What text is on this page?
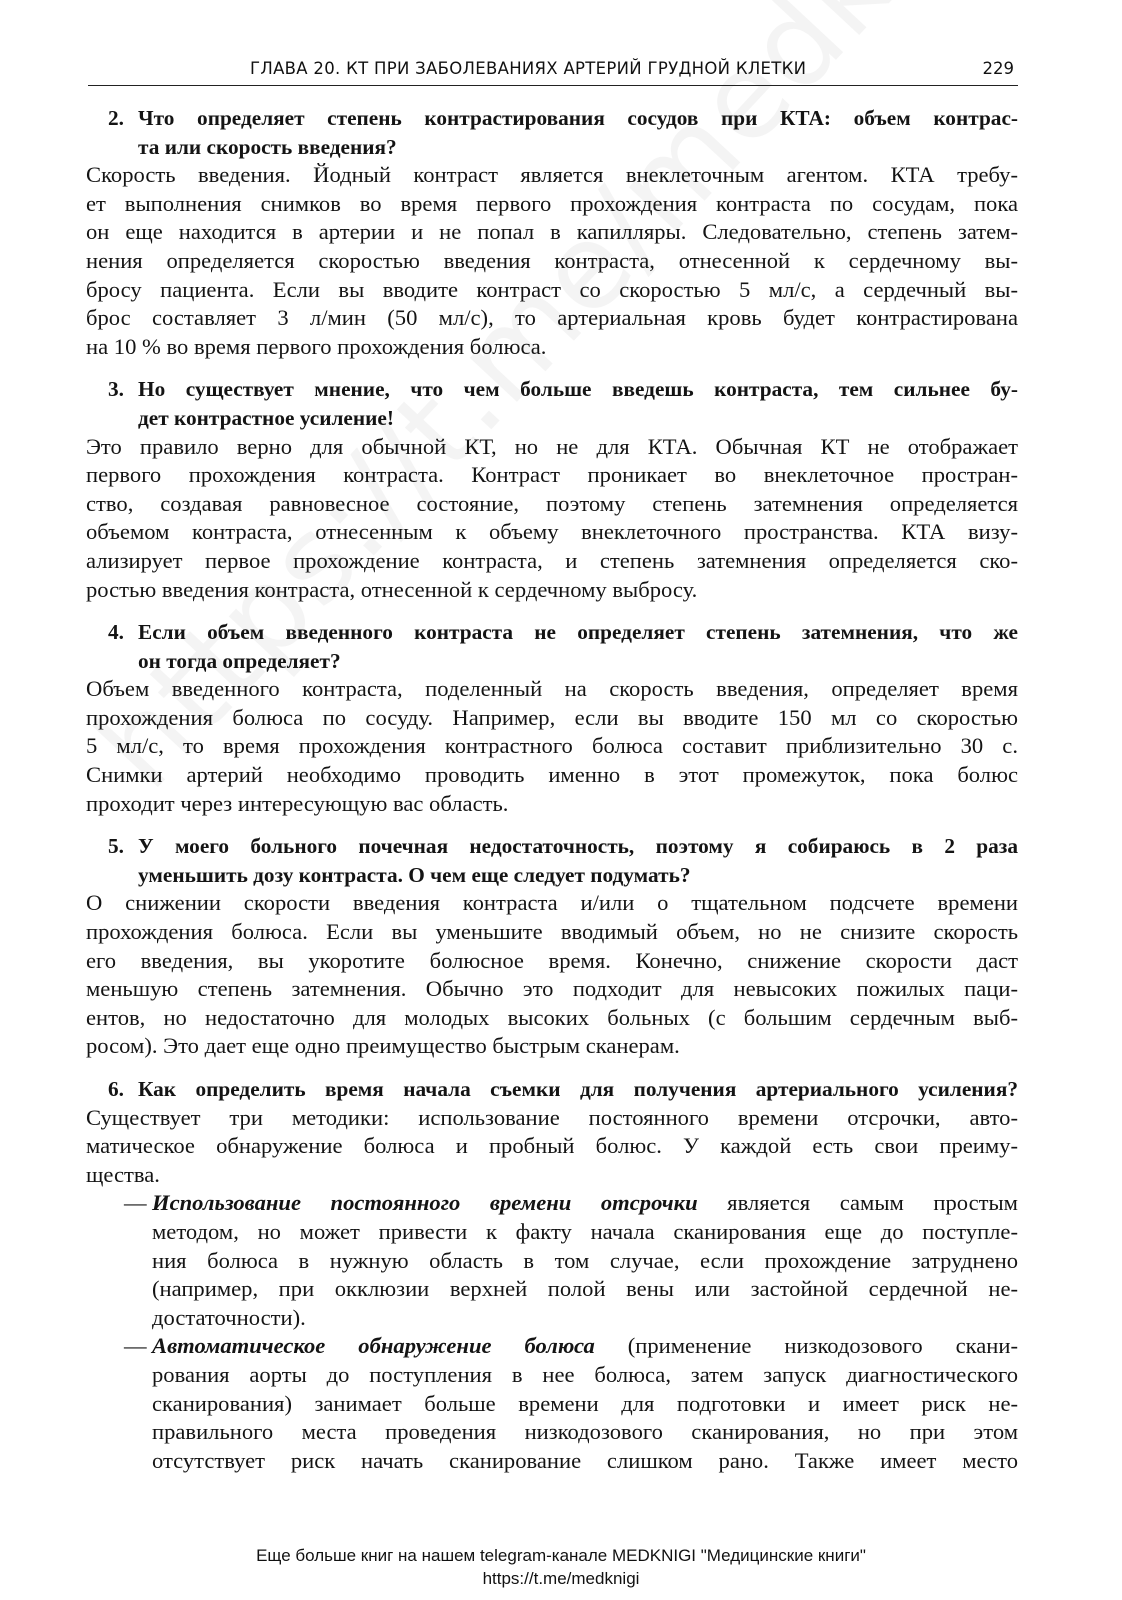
ГЛАВА 20. КТ ПРИ ЗАБОЛЕВАНИЯХ АРТЕРИЙ ГРУДНОЙ КЛЕТКИ	229
2. Что определяет степень контрастирования сосудов при КТА: объем контрас-
та или скорость введения?
Скорость введения. Йодный контраст является внеклеточным агентом. КТА требу-
ет выполнения снимков во время первого прохождения контраста по сосудам, пока
он еще находится в артерии и не попал в капилляры. Следовательно, степень затем-
нения определяется скоростью введения контраста, отнесенной к сердечному вы-
бросу пациента. Если вы вводите контраст со скоростью 5 мл/с, а сердечный вы-
брос составляет 3 л/мин (50 мл/с), то артериальная кровь будет контрастирована
на 10 % во время первого прохождения болюса.
3. Но существует мнение, что чем больше введешь контраста, тем сильнее бу-
дет контрастное усиление!
Это правило верно для обычной КТ, но не для КТА. Обычная КТ не отображает
первого прохождения контраста. Контраст проникает во внеклеточное простран-
ство, создавая равновесное состояние, поэтому степень затемнения определяется
объемом контраста, отнесенным к объему внеклеточного пространства. КТА визу-
ализирует первое прохождение контраста, и степень затемнения определяется ско-
ростью введения контраста, отнесенной к сердечному выбросу.
4. Если объем введенного контраста не определяет степень затемнения, что же
он тогда определяет?
Объем введенного контраста, поделенный на скорость введения, определяет время
прохождения болюса по сосуду. Например, если вы вводите 150 мл со скоростью
5 мл/с, то время прохождения контрастного болюса составит приблизительно 30 с.
Снимки артерий необходимо проводить именно в этот промежуток, пока болюс
проходит через интересующую вас область.
5. У моего больного почечная недостаточность, поэтому я собираюсь в 2 раза
уменьшить дозу контраста. О чем еще следует подумать?
О снижении скорости введения контраста и/или о тщательном подсчете времени
прохождения болюса. Если вы уменьшите вводимый объем, но не снизите скорость
его введения, вы укоротите болюсное время. Конечно, снижение скорости даст
меньшую степень затемнения. Обычно это подходит для невысоких пожилых паци-
ентов, но недостаточно для молодых высоких больных (с большим сердечным выб-
росом). Это дает еще одно преимущество быстрым сканерам.
6. Как определить время начала съемки для получения артериального усиления?
Существует три методики: использование постоянного времени отсрочки, авто-
матическое обнаружение болюса и пробный болюс. У каждой есть свои преиму-
щества.
— Использование постоянного времени отсрочки является самым простым
методом, но может привести к факту начала сканирования еще до поступле-
ния болюса в нужную область в том случае, если прохождение затруднено
(например, при окклюзии верхней полой вены или застойной сердечной не-
достаточности).
— Автоматическое обнаружение болюса (применение низкодозового скани-
рования аорты до поступления в нее болюса, затем запуск диагностического
сканирования) занимает больше времени для подготовки и имеет риск не-
правильного места проведения низкодозового сканирования, но при этом
отсутствует риск начать сканирование слишком рано. Также имеет место
Еще больше книг на нашем telegram-канале MEDKNIGI "Медицинские книги"
https://t.me/medknigi
